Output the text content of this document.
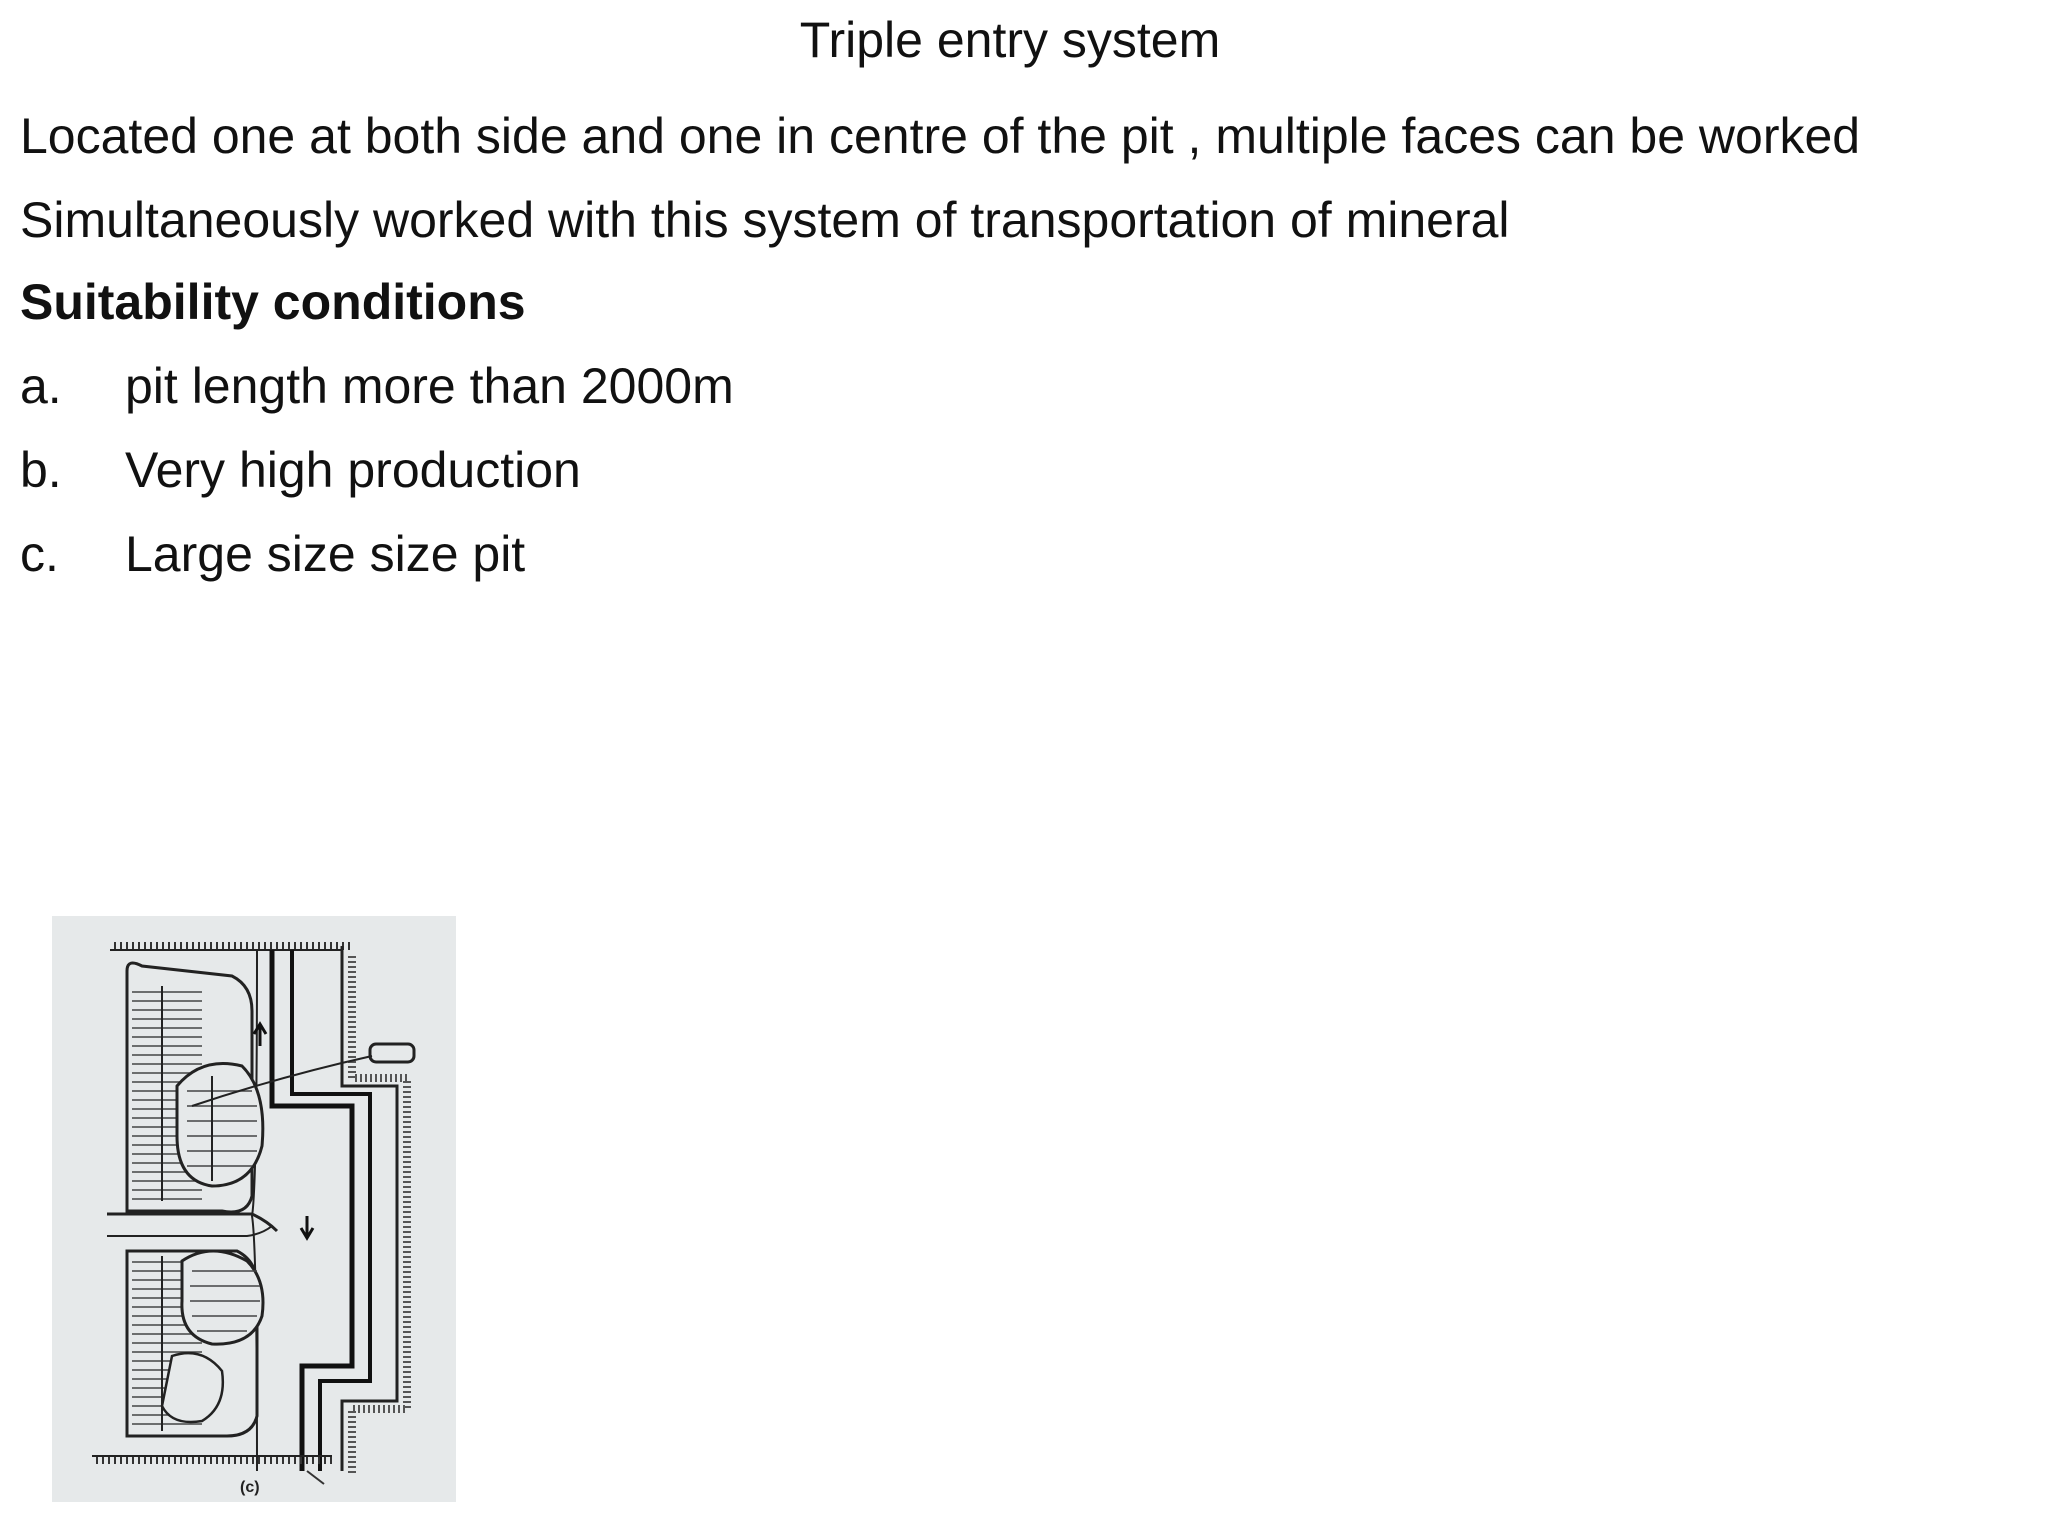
Triple entry system
Located one at both side and one in centre of the pit , multiple faces can be worked
Simultaneously worked with this system of transportation of mineral
Suitability conditions
a. pit length more than 2000m
b. Very high production
c. Large size size pit
(c)
